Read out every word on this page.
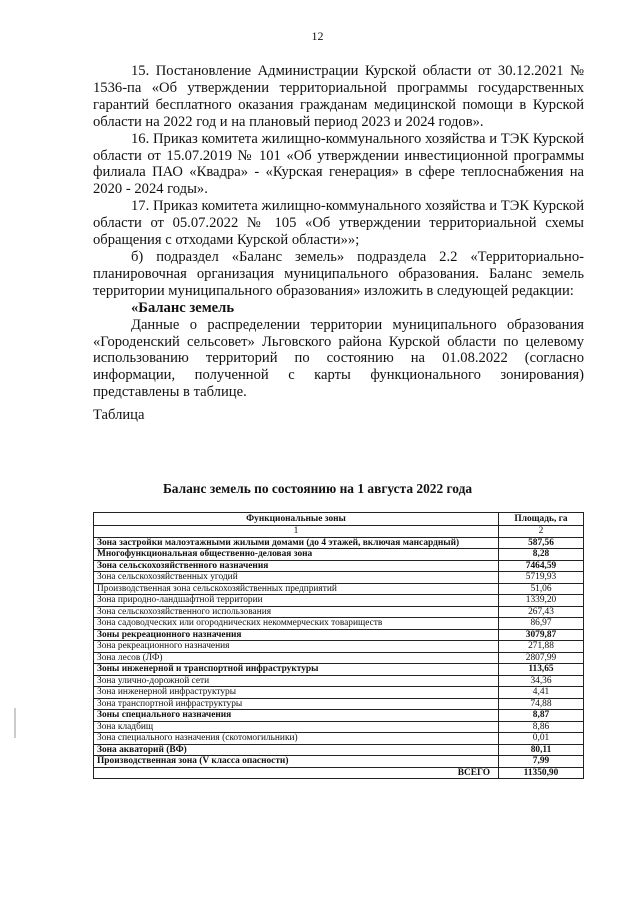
12

15. Постановление Администрации Курской области от 30.12.2021 № 1536-па «Об утверждении территориальной программы государственных гарантий бесплатного оказания гражданам медицинской помощи в Курской области на 2022 год и на плановый период 2023 и 2024 годов».

16. Приказ комитета жилищно-коммунального хозяйства и ТЭК Курской области от 15.07.2019 № 101 «Об утверждении инвестиционной программы филиала ПАО «Квадра» - «Курская генерация» в сфере теплоснабжения на 2020 - 2024 годы».

17. Приказ комитета жилищно-коммунального хозяйства и ТЭК Курской области от 05.07.2022 № 105 «Об утверждении территориальной схемы обращения с отходами Курской области»»;

б) подраздел «Баланс земель» подраздела 2.2 «Территориально-планировочная организация муниципального образования. Баланс земель территории муниципального образования» изложить в следующей редакции:

«Баланс земель

Данные о распределении территории муниципального образования «Городенский сельсовет» Льговского района Курской области по целевому использованию территорий по состоянию на 01.08.2022 (согласно информации, полученной с карты функционального зонирования) представлены в таблице.

Таблица

Баланс земель по состоянию на 1 августа 2022 года
Функциональные зоны	Площадь, га
1	2
Зона застройки малоэтажными жилыми домами (до 4 этажей, включая мансардный)	587,56
Многофункциональная общественно-деловая зона	8,28
Зона сельскохозяйственного назначения	7464,59
Зона сельскохозяйственных угодий	5719,93
Производственная зона сельскохозяйственных предприятий	51,06
Зона природно-ландшафтной территории	1339,20
Зона сельскохозяйственного использования	267,43
Зона садоводческих или огороднических некоммерческих товариществ	86,97
Зоны рекреационного назначения	3079,87
Зона рекреационного назначения	271,88
Зона лесов (ЛФ)	2807,99
Зоны инженерной и транспортной инфраструктуры	113,65
Зона улично-дорожной сети	34,36
Зона инженерной инфраструктуры	4,41
Зона транспортной инфраструктуры	74,88
Зоны специального назначения	8,87
Зона кладбищ	8,86
Зона специального назначения (скотомогильники)	0,01
Зона акваторий (ВФ)	80,11
Производственная зона (V класса опасности)	7,99
ВСЕГО	11350,90
